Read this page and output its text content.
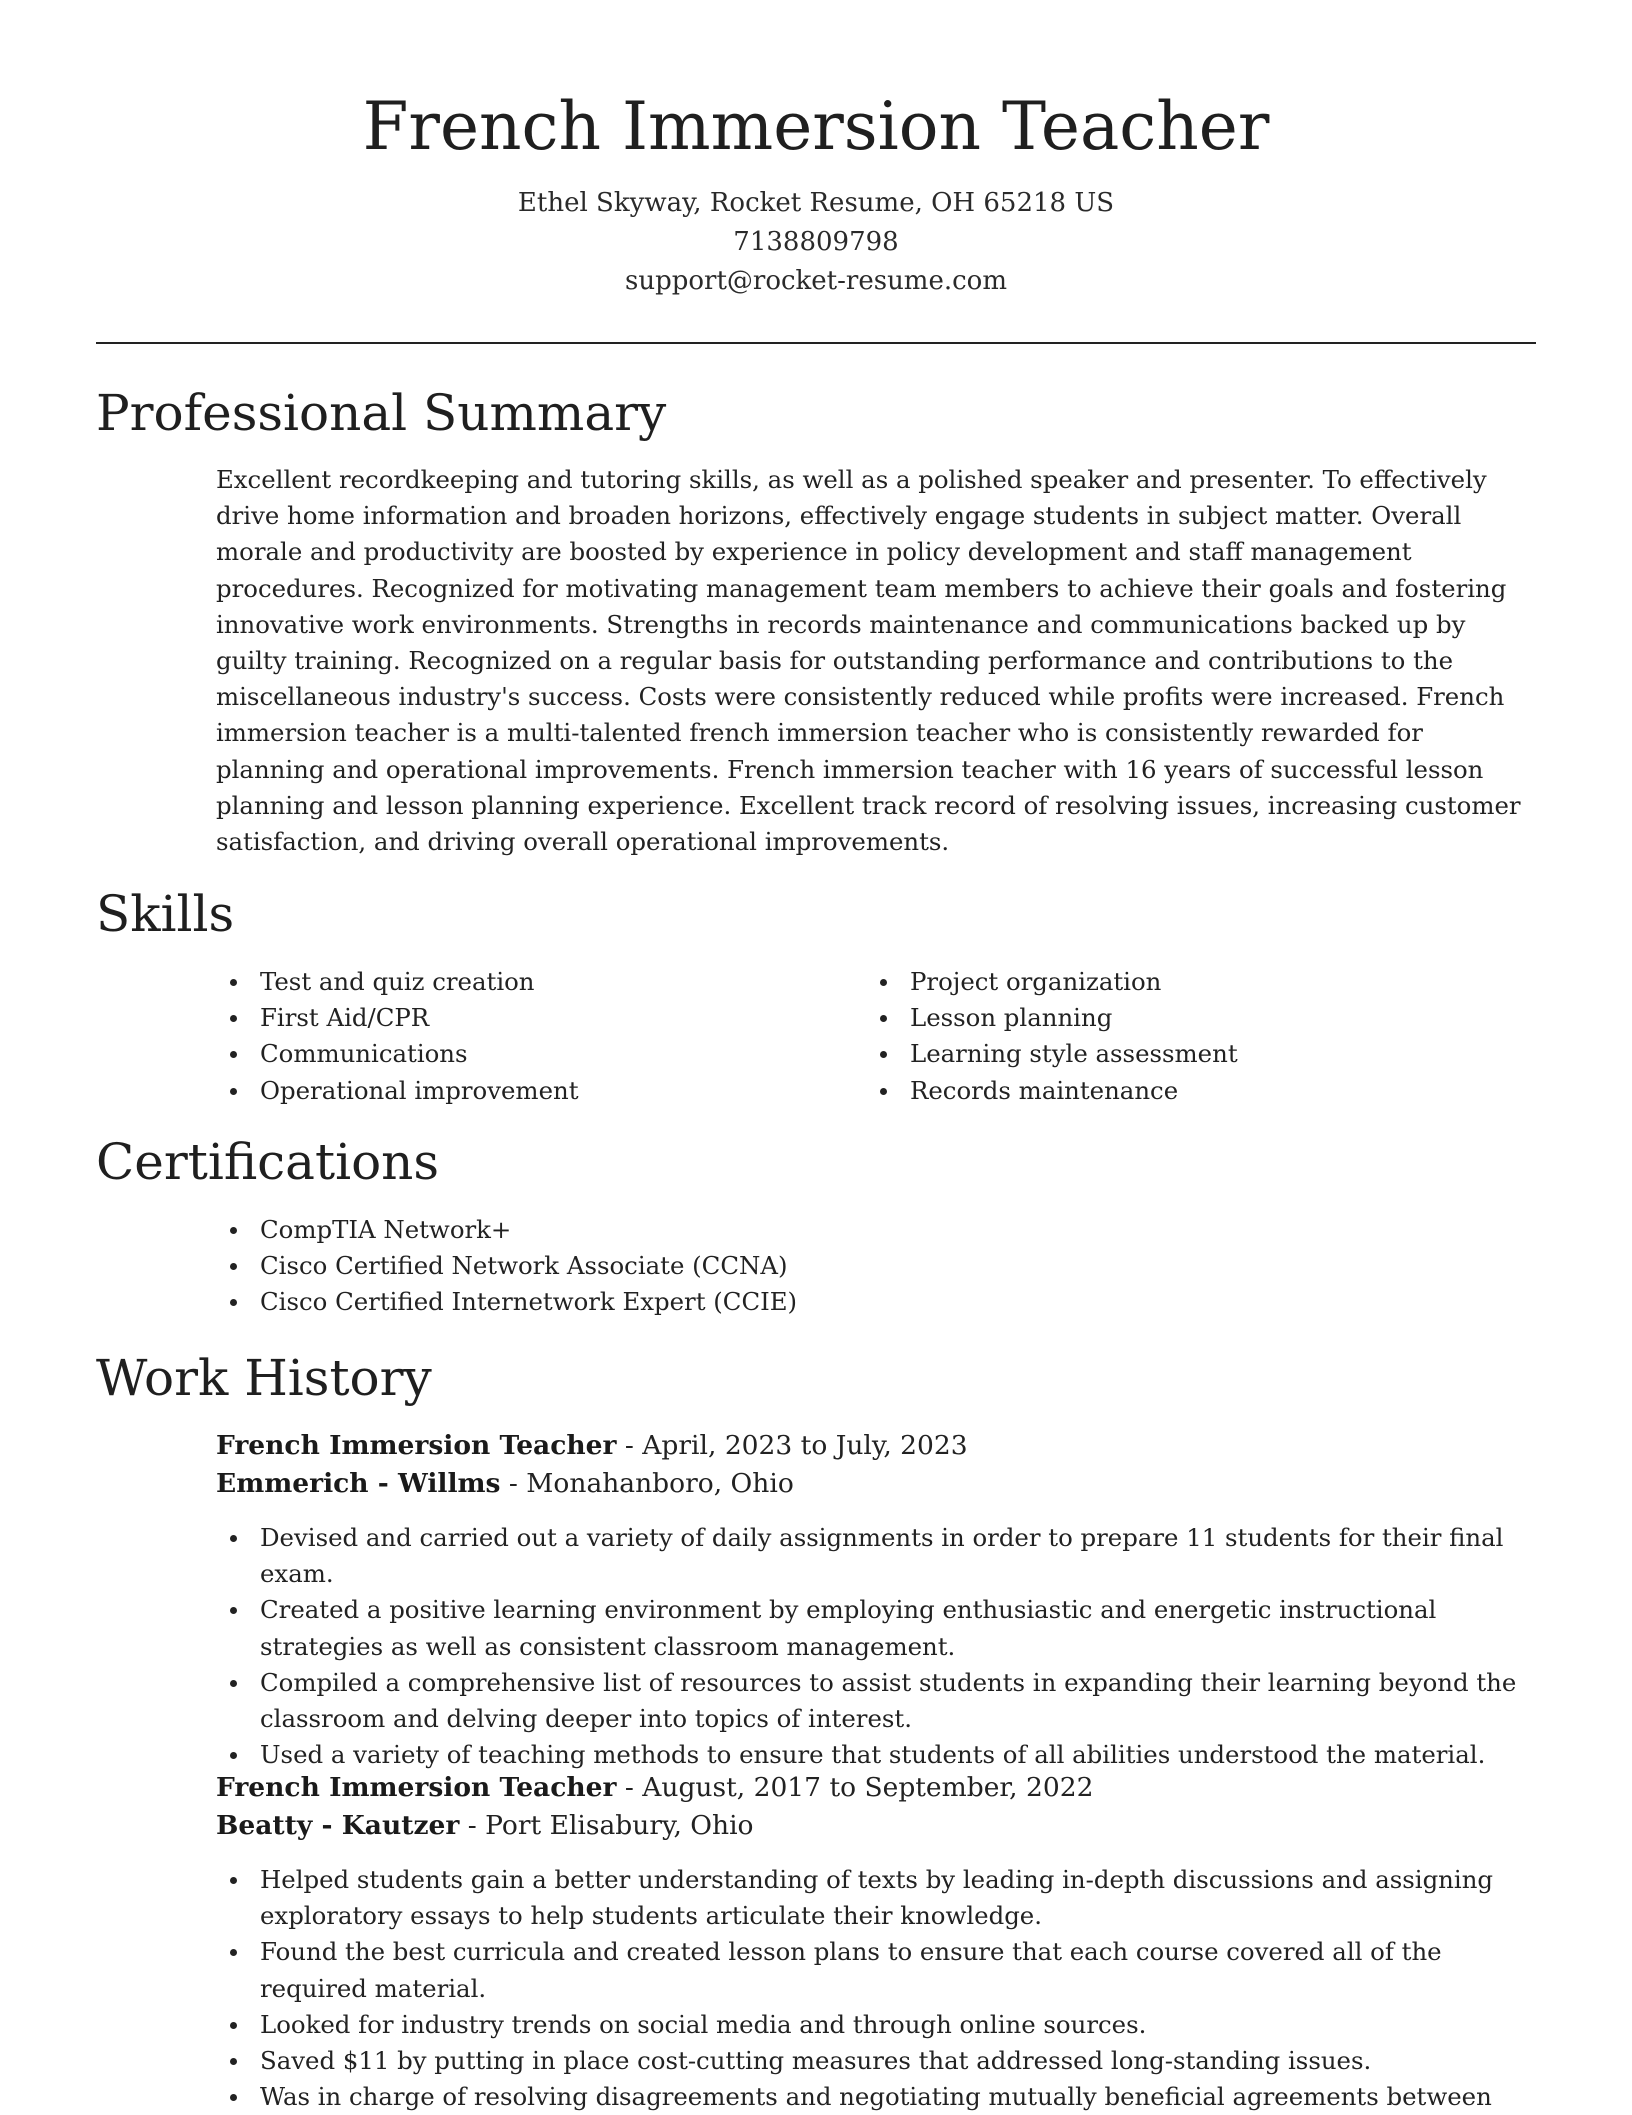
French Immersion Teacher
Ethel Skyway, Rocket Resume, OH 65218 US
7138809798
support@rocket-resume.com
Professional Summary

Excellent recordkeeping and tutoring skills, as well as a polished speaker and presenter. To effectively drive home information and broaden horizons, effectively engage students in subject matter. Overall morale and productivity are boosted by experience in policy development and staff management procedures. Recognized for motivating management team members to achieve their goals and fostering innovative work environments. Strengths in records maintenance and communications backed up by guilty training. Recognized on a regular basis for outstanding performance and contributions to the miscellaneous industry's success. Costs were consistently reduced while profits were increased. French immersion teacher is a multi-talented french immersion teacher who is consistently rewarded for planning and operational improvements. French immersion teacher with 16 years of successful lesson planning and lesson planning experience. Excellent track record of resolving issues, increasing customer satisfaction, and driving overall operational improvements.

Skills
Test and quiz creation
First Aid/CPR
Communications
Operational improvement
Project organization
Lesson planning
Learning style assessment
Records maintenance
Certifications
CompTIA Network+
Cisco Certified Network Associate (CCNA)
Cisco Certified Internetwork Expert (CCIE)
Work History
French Immersion Teacher - April, 2023 to July, 2023
Emmerich - Willms - Monahanboro, Ohio
Devised and carried out a variety of daily assignments in order to prepare 11 students for their final exam.
Created a positive learning environment by employing enthusiastic and energetic instructional strategies as well as consistent classroom management.
Compiled a comprehensive list of resources to assist students in expanding their learning beyond the classroom and delving deeper into topics of interest.
Used a variety of teaching methods to ensure that students of all abilities understood the material.
French Immersion Teacher - August, 2017 to September, 2022
Beatty - Kautzer - Port Elisabury, Ohio
Helped students gain a better understanding of texts by leading in-depth discussions and assigning exploratory essays to help students articulate their knowledge.
Found the best curricula and created lesson plans to ensure that each course covered all of the required material.
Looked for industry trends on social media and through online sources.
Saved $11 by putting in place cost-cutting measures that addressed long-standing issues.
Was in charge of resolving disagreements and negotiating mutually beneficial agreements between
